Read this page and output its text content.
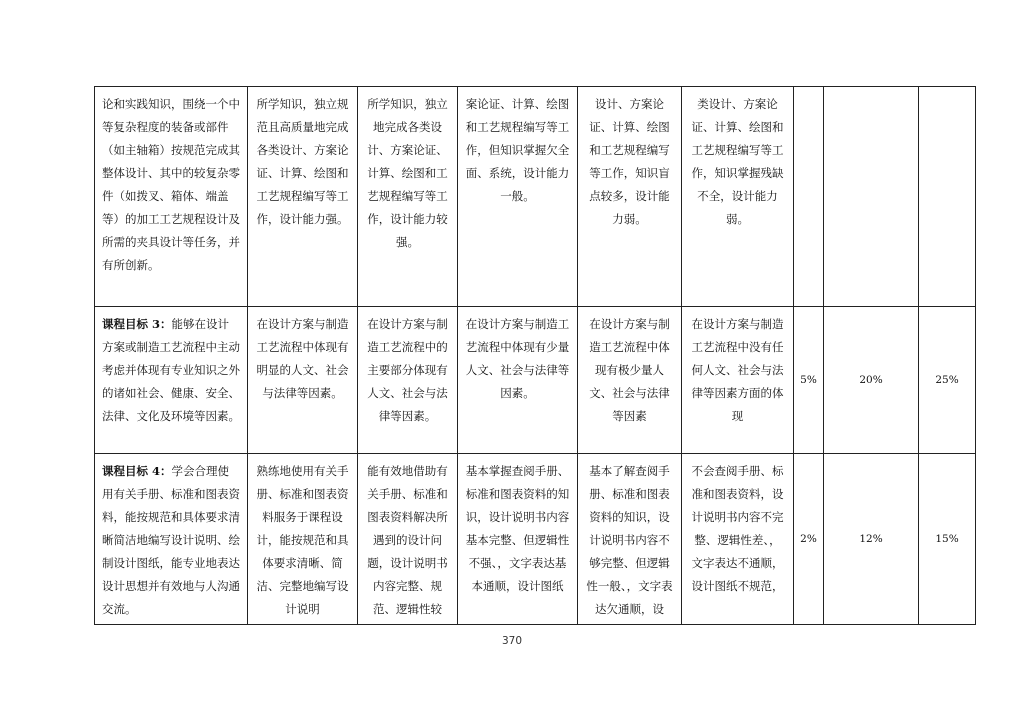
论和实践知识，围绕一个中等复杂程度的装备或部件（如主轴箱）按规范完成其整体设计、其中的较复杂零件（如拨叉、箱体、端盖等）的加工工艺规程设计及所需的夹具设计等任务，并有所创新。	所学知识，独立规范且高质量地完成各类设计、方案论证、计算、绘图和工艺规程编写等工作，设计能力强。	所学知识，独立地完成各类设计、方案论证、计算、绘图和工艺规程编写等工作，设计能力较强。	案论证、计算、绘图和工艺规程编写等工作，但知识掌握欠全面、系统，设计能力一般。	设计、方案论证、计算、绘图和工艺规程编写等工作，知识盲点较多，设计能力弱。	类设计、方案论证、计算、绘图和工艺规程编写等工作，知识掌握残缺不全，设计能力弱。			
课程目标 3：能够在设计方案或制造工艺流程中主动考虑并体现有专业知识之外的诸如社会、健康、安全、法律、文化及环境等因素。	在设计方案与制造工艺流程中体现有明显的人文、社会与法律等因素。	在设计方案与制造工艺流程中的主要部分体现有人文、社会与法律等因素。	在设计方案与制造工艺流程中体现有少量人文、社会与法律等因素。	在设计方案与制造工艺流程中体现有极少量人文、社会与法律等因素	在设计方案与制造工艺流程中没有任何人文、社会与法律等因素方面的体现	5%	20%	25%
课程目标 4：学会合理使用有关手册、标准和图表资料，能按规范和具体要求清晰简洁地编写设计说明、绘制设计图纸，能专业地表达设计思想并有效地与人沟通交流。	熟练地使用有关手册、标准和图表资料服务于课程设计，能按规范和具体要求清晰、简洁、完整地编写设计说明	能有效地借助有关手册、标准和图表资料解决所遇到的设计问题，设计说明书内容完整、规范、逻辑性较	基本掌握查阅手册、标准和图表资料的知识，设计说明书内容基本完整、但逻辑性不强、，文字表达基本通顺，设计图纸	基本了解查阅手册、标准和图表资料的知识，设计说明书内容不够完整、但逻辑性一般、，文字表达欠通顺，设	不会查阅手册、标准和图表资料，设计说明书内容不完整、逻辑性差、，文字表达不通顺，设计图纸不规范，	2%	12%	15%
370
